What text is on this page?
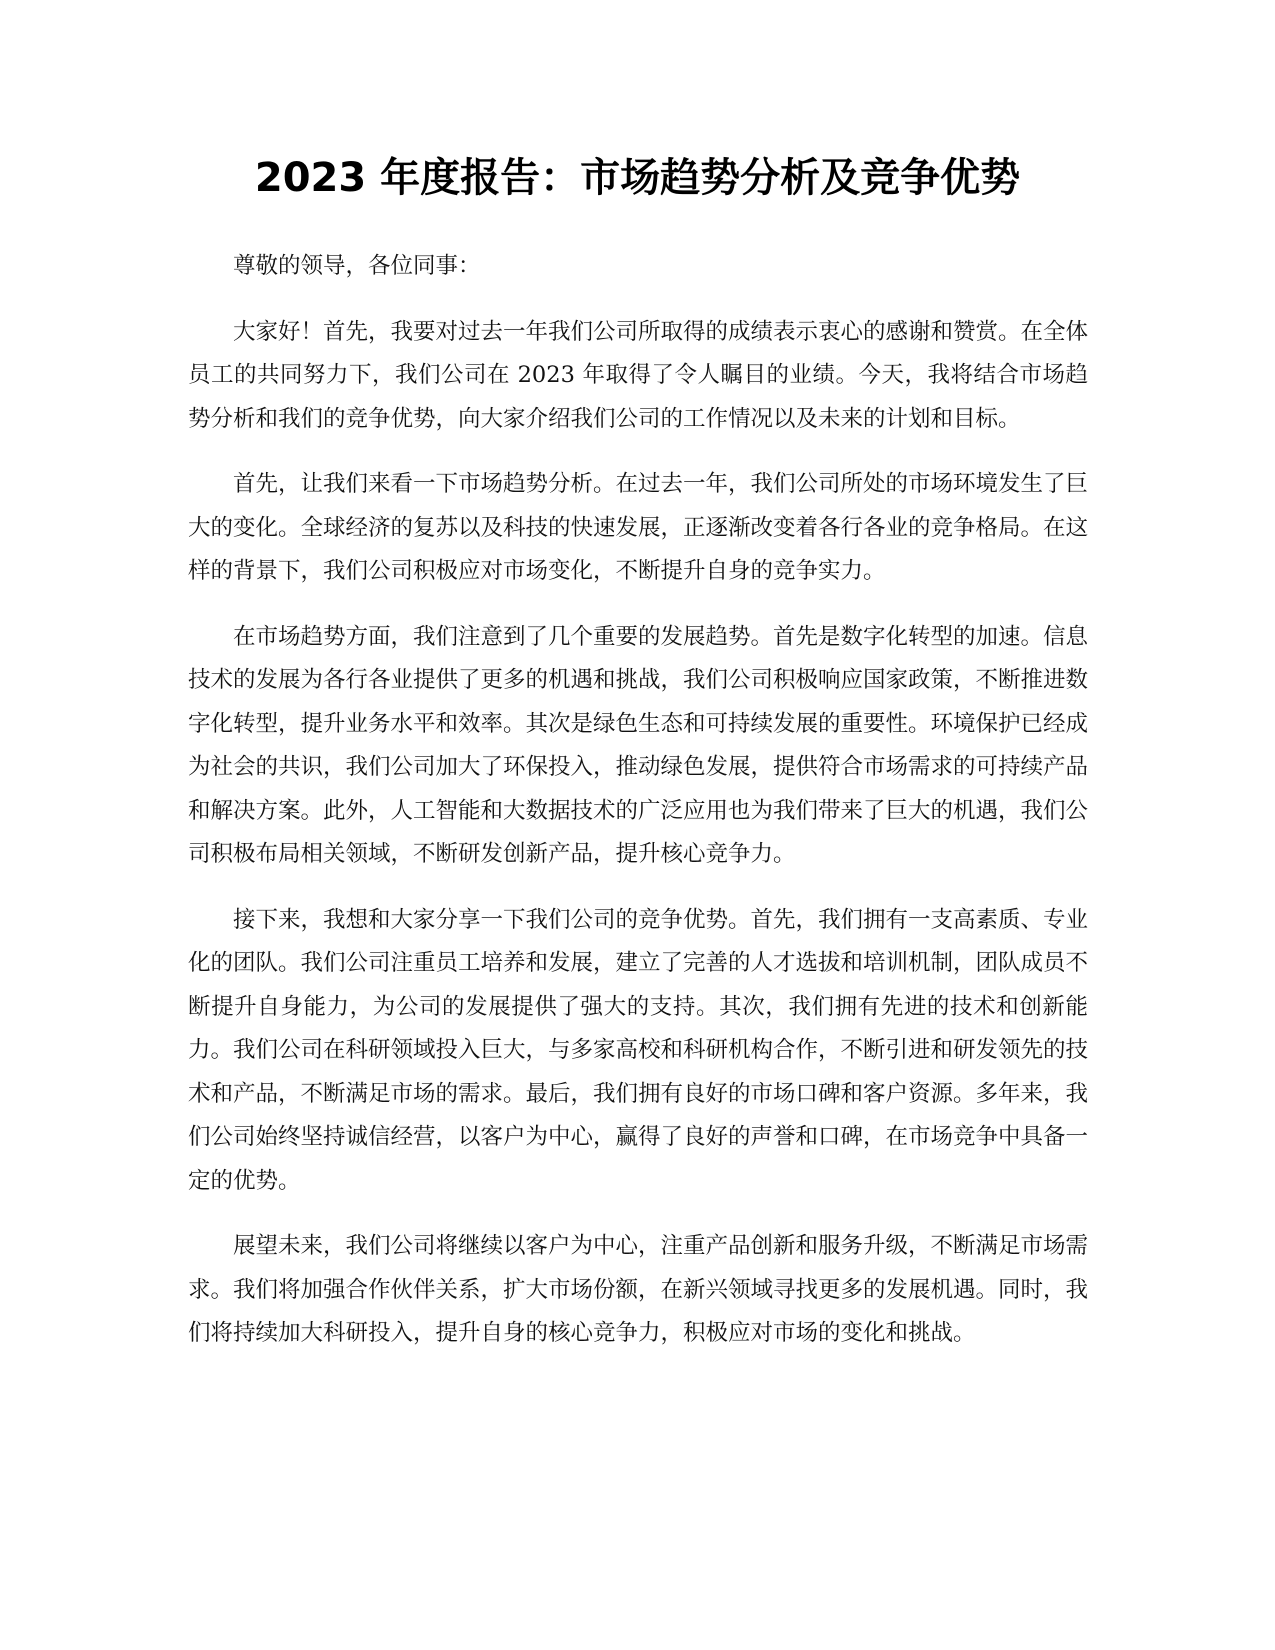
2023 年度报告：市场趋势分析及竞争优势

尊敬的领导，各位同事：

大家好！首先，我要对过去一年我们公司所取得的成绩表示衷心的感谢和赞赏。在全体员工的共同努力下，我们公司在 2023 年取得了令人瞩目的业绩。今天，我将结合市场趋势分析和我们的竞争优势，向大家介绍我们公司的工作情况以及未来的计划和目标。

首先，让我们来看一下市场趋势分析。在过去一年，我们公司所处的市场环境发生了巨大的变化。全球经济的复苏以及科技的快速发展，正逐渐改变着各行各业的竞争格局。在这样的背景下，我们公司积极应对市场变化，不断提升自身的竞争实力。

在市场趋势方面，我们注意到了几个重要的发展趋势。首先是数字化转型的加速。信息技术的发展为各行各业提供了更多的机遇和挑战，我们公司积极响应国家政策，不断推进数字化转型，提升业务水平和效率。其次是绿色生态和可持续发展的重要性。环境保护已经成为社会的共识，我们公司加大了环保投入，推动绿色发展，提供符合市场需求的可持续产品和解决方案。此外，人工智能和大数据技术的广泛应用也为我们带来了巨大的机遇，我们公司积极布局相关领域，不断研发创新产品，提升核心竞争力。

接下来，我想和大家分享一下我们公司的竞争优势。首先，我们拥有一支高素质、专业化的团队。我们公司注重员工培养和发展，建立了完善的人才选拔和培训机制，团队成员不断提升自身能力，为公司的发展提供了强大的支持。其次，我们拥有先进的技术和创新能力。我们公司在科研领域投入巨大，与多家高校和科研机构合作，不断引进和研发领先的技术和产品，不断满足市场的需求。最后，我们拥有良好的市场口碑和客户资源。多年来，我们公司始终坚持诚信经营，以客户为中心，赢得了良好的声誉和口碑，在市场竞争中具备一定的优势。

展望未来，我们公司将继续以客户为中心，注重产品创新和服务升级，不断满足市场需求。我们将加强合作伙伴关系，扩大市场份额，在新兴领域寻找更多的发展机遇。同时，我们将持续加大科研投入，提升自身的核心竞争力，积极应对市场的变化和挑战。
